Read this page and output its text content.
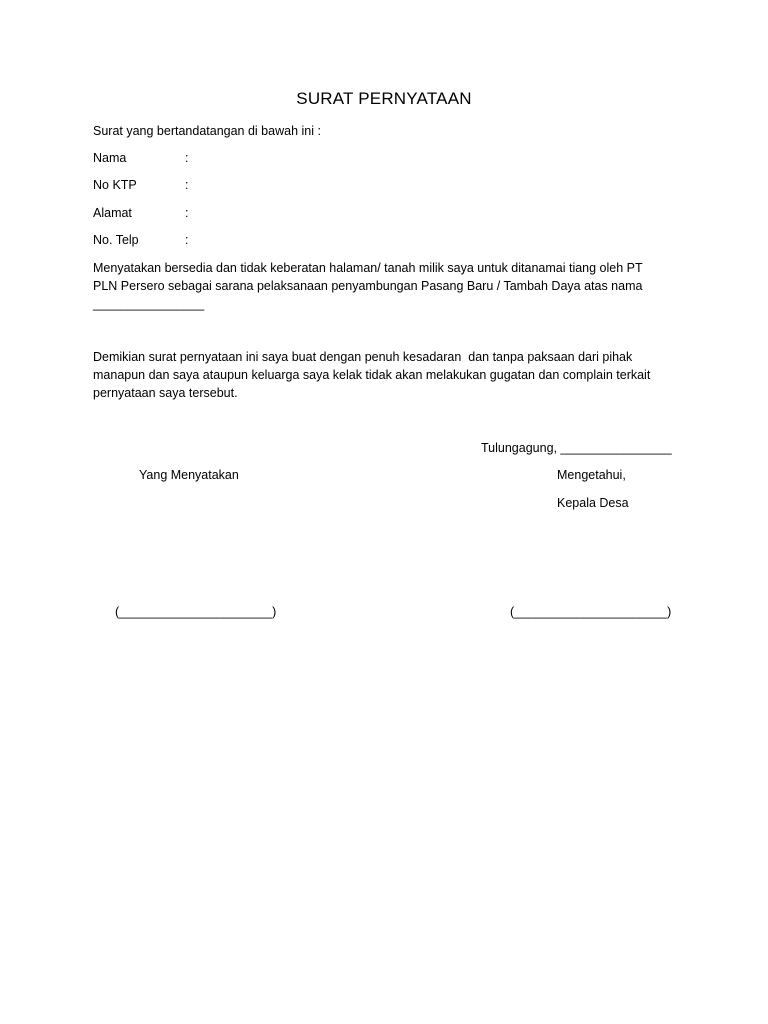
SURAT PERNYATAAN
Surat yang bertandatangan di bawah ini :
Nama	:
No KTP	:
Alamat	:
No. Telp	:
Menyatakan bersedia dan tidak keberatan halaman/ tanah milik saya untuk ditanamai tiang oleh PT
PLN Persero sebagai sarana pelaksanaan penyambungan Pasang Baru / Tambah Daya atas nama
________________
Demikian surat pernyataan ini saya buat dengan penuh kesadaran  dan tanpa paksaan dari pihak
manapun dan saya ataupun keluarga saya kelak tidak akan melakukan gugatan dan complain terkait
pernyataan saya tersebut.
Tulungagung, ________________
Yang Menyatakan	Mengetahui,
Kepala Desa
(______________________)	(______________________)
